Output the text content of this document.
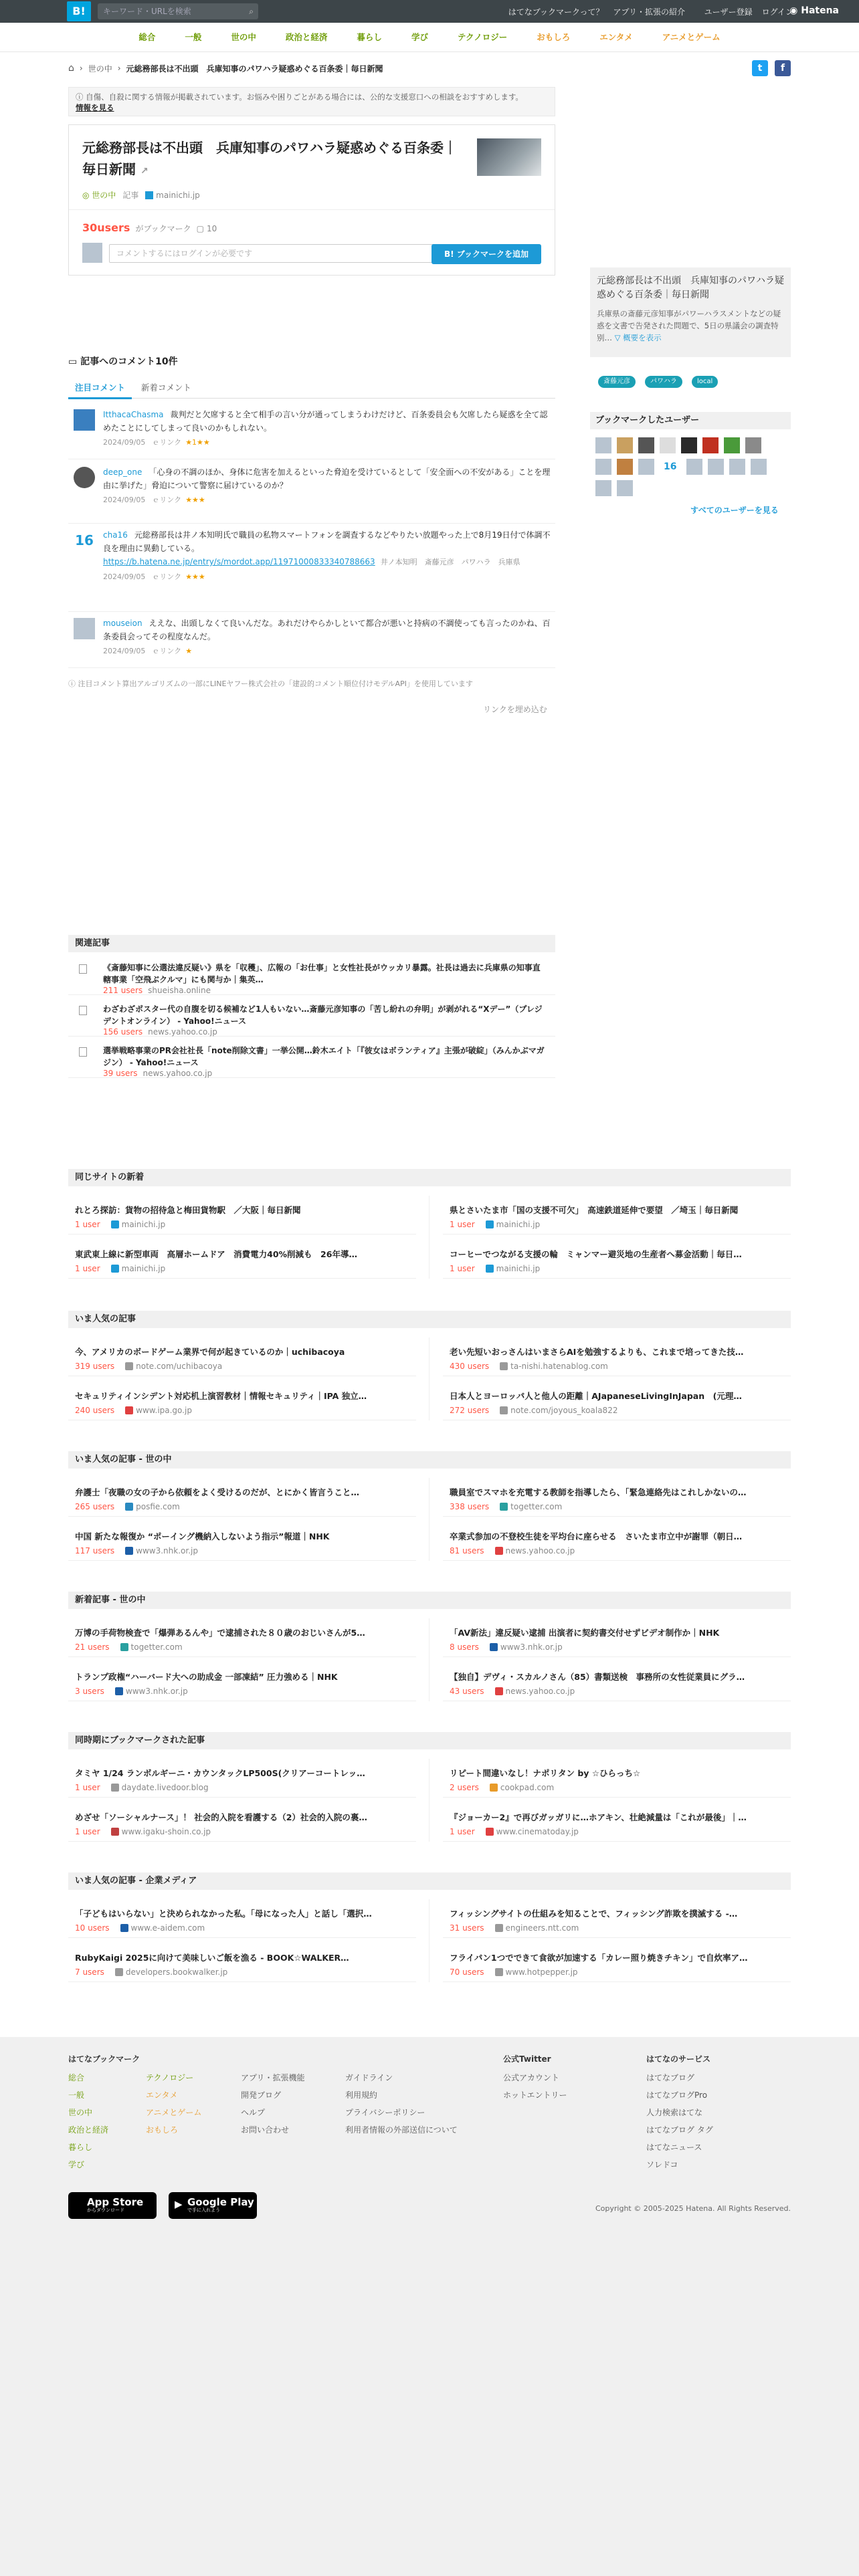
B!	キーワード・URLを検索	⌕	はてなブックマークって？ アプリ・拡張の紹介 ユーザー登録 ログイン
◉ Hatena
総合	一般	世の中	政治と経済	暮らし	学び	テクノロジー	おもしろ	エンタメ	アニメとゲーム
⌂ › 世の中 › 元総務部長は不出頭　兵庫知事のパワハラ疑惑めぐる百条委｜毎日新聞	t	f
ⓘ 自傷、自殺に関する情報が掲載されています。お悩みや困りごとがある場合には、公的な支援窓口への相談をおすすめします。
情報を見る
元総務部長は不出頭　兵庫知事のパワハラ疑惑めぐる百条委｜毎日新聞 ↗
◎ 世の中 記事	mainichi.jp
30users がブックマーク ▢ 10
コメントするにはログインが必要です	B! ブックマークを追加
元総務部長は不出頭　兵庫知事のパワハラ疑惑めぐる百条委｜毎日新聞
兵庫県の斎藤元彦知事がパワーハラスメントなどの疑惑を文書で告発された問題で、5日の県議会の調査特别… ▽ 概要を表示
斎藤元彦	パワハラ	local
ブックマークしたユーザー
16
すべてのユーザーを見る
▭ 記事へのコメント10件
注目コメント 新着コメント
ItthacaChasma 裁判だと欠席すると全て相手の言い分が通ってしまうわけだけど、百条委員会も欠席したら疑惑を全て認めたことにしてしまって良いのかもしれない。
2024/09/05 ｅリンク ★1★★
deep_one 「心身の不調のほか、身体に危害を加えるといった脅迫を受けているとして「安全面への不安がある」ことを理由に挙げた」脅迫について警察に届けているのか？
2024/09/05 ｅリンク ★★★
16 cha16 元総務部長は井ノ本知明氏で職員の私物スマートフォンを調査するなどやりたい放題やった上で8月19日付で体調不良を理由に異動している。
https://b.hatena.ne.jp/entry/s/mordot.app/11971000833340788663 井ノ本知明　斎藤元彦　パワハラ　兵庫県
2024/09/05 ｅリンク ★★★
mouseion ええな、出頭しなくて良いんだな。あれだけやらかしといて都合が悪いと持病の不調使っても言ったのかね、百条委員会ってその程度なんだ。
2024/09/05 ｅリンク ★
ⓘ 注目コメント算出アルゴリズムの一部にLINEヤフー株式会社の「建設的コメント順位付けモデルAPI」を使用しています
リンクを埋め込む
関連記事
《斎藤知事に公選法違反疑い》県を「収穫」、広報の「お仕事」と女性社長がウッカリ暴露。社長は過去に兵庫県の知事直轄事業「空飛ぶクルマ」にも関与か｜集英…
211 users shueisha.online
わざわざポスター代の自腹を切る候補など1人もいない…斎藤元彦知事の「苦し紛れの弁明」が剥がれる“Xデー”（プレジデントオンライン） - Yahoo!ニュース
156 users news.yahoo.co.jp
選挙戦略事業のPR会社社長「note削除文書」一挙公開…鈴木エイト「『彼女はボランティア』主張が破綻」（みんかぶマガジン） - Yahoo!ニュース
39 users news.yahoo.co.jp
同じサイトの新着
れとろ探訪：貨物の招待急と梅田貨物駅　／大阪｜毎日新聞
1 user	mainichi.jp
県とさいたま市「国の支援不可欠」　高速鉄道延伸で要望　／埼玉｜毎日新聞
1 user	mainichi.jp
東武東上線に新型車両　高層ホームドア　消費電力40%削減も　26年導…
1 user	mainichi.jp
コーヒーでつながる支援の輪　ミャンマー避災地の生産者へ募金活動｜毎日…
1 user	mainichi.jp
いま人気の記事
今、アメリカのボードゲーム業界で何が起きているのか｜uchibacoya
319 users	note.com/uchibacoya
老い先短いおっさんはいまさらAIを勉強するよりも、これまで培ってきた技…
430 users	ta-nishi.hatenablog.com
セキュリティインシデント対応机上演習教材｜情報セキュリティ｜IPA 独立…
240 users	www.ipa.go.jp
日本人とヨーロッパ人と他人の距離｜AJapaneseLivingInJapan　(元理…
272 users	note.com/joyous_koala822
いま人気の記事 - 世の中
弁護士「夜職の女の子から依頼をよく受けるのだが、とにかく皆言うこと…
265 users	posfie.com
職員室でスマホを充電する教師を指導したら、「緊急連絡先はこれしかないの…
338 users	togetter.com
中国 新たな報復か “ポーイング機納入しないよう指示”報道｜NHK
117 users	www3.nhk.or.jp
卒業式参加の不登校生徒を平均台に座らせる　さいたま市立中が謝罪（朝日…
81 users	news.yahoo.co.jp
新着記事 - 世の中
万博の手荷物検査で「爆弾あるんや」で逮捕された８０歳のおじいさんが5…
21 users	togetter.com
「AV新法」違反疑い逮捕 出演者に契約書交付せずビデオ制作か｜NHK
8 users	www3.nhk.or.jp
トランプ政権“ハーバード大への助成金 一部凍結” 圧力強める｜NHK
3 users	www3.nhk.or.jp
【独自】デヴィ・スカルノさん（85）書類送検　事務所の女性従業員にグラ…
43 users	news.yahoo.co.jp
同時期にブックマークされた記事
タミヤ 1/24 ランボルギーニ・カウンタックLP500S(クリアーコートレッ…
1 user	daydate.livedoor.blog
リピート間違いなし！ナポリタン by ☆ひらっち☆
2 users	cookpad.com
めざせ「ソーシャルナース」！ 社会的入院を看護する（2）社会的入院の裏…
1 user	www.igaku-shoin.co.jp
『ジョーカー2』で再びガッガリに…ホアキン、壮絶減量は「これが最後」｜…
1 user	www.cinematoday.jp
いま人気の記事 - 企業メディア
「子どもはいらない」と決められなかった私。「母になった人」と話し「選択…
10 users	www.e-aidem.com
フィッシングサイトの仕組みを知ることで、フィッシング詐欺を撲滅する -…
31 users	engineers.ntt.com
RubyKaigi 2025に向けて美味しいご飯を漁る - BOOK☆WALKER…
7 users	developers.bookwalker.jp
フライパン1つでできて食欲が加速する「カレー照り焼きチキン」で自炊率ア…
70 users	www.hotpepper.jp
はてなブックマーク
総合
一般
世の中
政治と経済
暮らし
学び
テクノロジー
エンタメ
アニメとゲーム
おもしろ
アプリ・拡張機能
開発ブログ
ヘルプ
お問い合わせ
ガイドライン
利用規約
プライバシーポリシー
利用者情報の外部送信について
公式アカウント
ホットエントリー
はてなブログ
はてなブログPro
人力検索はてな
はてなブログ タグ
はてなニュース
ソレドコ
公式Twitter	はてなのサービス
App Store
からダウンロード	▶ Google Play
で手に入れよう	Copyright © 2005-2025 Hatena. All Rights Reserved.
